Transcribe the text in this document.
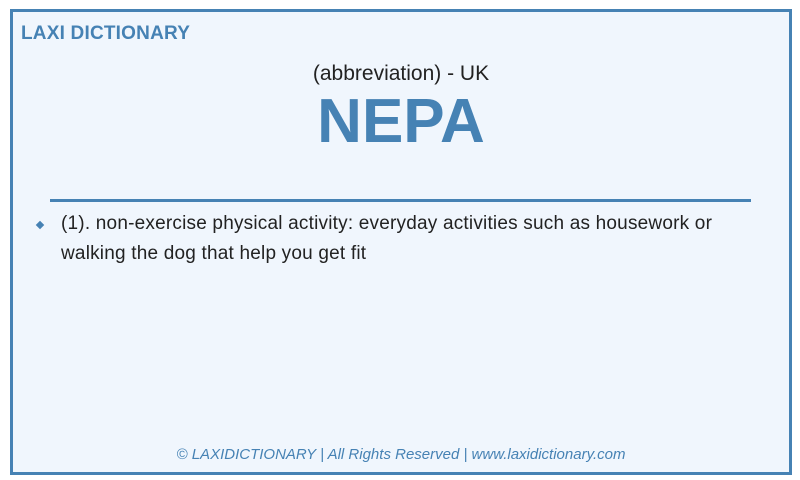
LAXI DICTIONARY
(abbreviation) - UK
NEPA
(1). non-exercise physical activity: everyday activities such as housework or walking the dog that help you get fit
© LAXIDICTIONARY | All Rights Reserved | www.laxidictionary.com
